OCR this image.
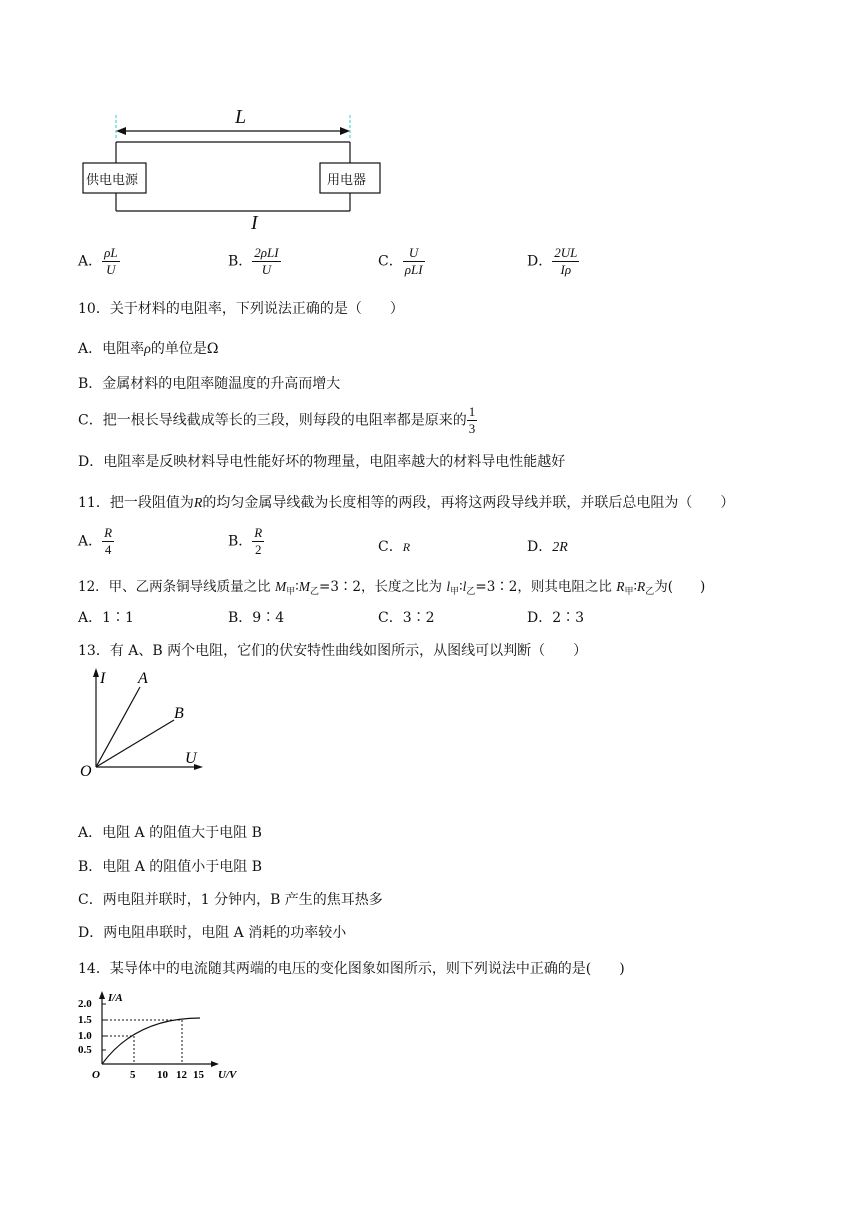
L
供电电源	用电器
I
A． $\frac{\rho L}{U}$	B． $\frac{\text{2ρLI}}{U}$	C． $\frac{U}{\text{ρLI}}$	D． $\frac{2UL}{I\rho}$
10．关于材料的电阻率，下列说法正确的是（　　）
A．电阻率ρ的单位是Ω
B．金属材料的电阻率随温度的升高而增大
C．把一根长导线截成等长的三段，则每段的电阻率都是原来的 $\frac{1}{3}$
D．电阻率是反映材料导电性能好坏的物理量，电阻率越大的材料导电性能越好
11．把一段阻值为R的均匀金属导线截为长度相等的两段，再将这两段导线并联，并联后总电阻为（　　）
A． $\frac{R}{4}$	B． $\frac{R}{2}$	C．R	D．2R
12．甲、乙两条铜导线质量之比 $M_甲∶M_乙=3∶2$，长度之比为 $l_甲∶l_乙=3∶2$，则其电阻之比 $R_甲∶R_乙$为(　　)
A．1∶1	B．9∶4	C．3∶2	D．2∶3
13．有 A、B 两个电阻，它们的伏安特性曲线如图所示，从图线可以判断（　　）
I A
B
U
O
A．电阻 A 的阻值大于电阻 B
B．电阻 A 的阻值小于电阻 B
C．两电阻并联时，1 分钟内，B 产生的焦耳热多
D．两电阻串联时，电阻 A 消耗的功率较小
14．某导体中的电流随其两端的电压的变化图象如图所示，则下列说法中正确的是(　　)
I/A
2.0
1.5
1.0
0.5
O	5 10 12 15 U/V
